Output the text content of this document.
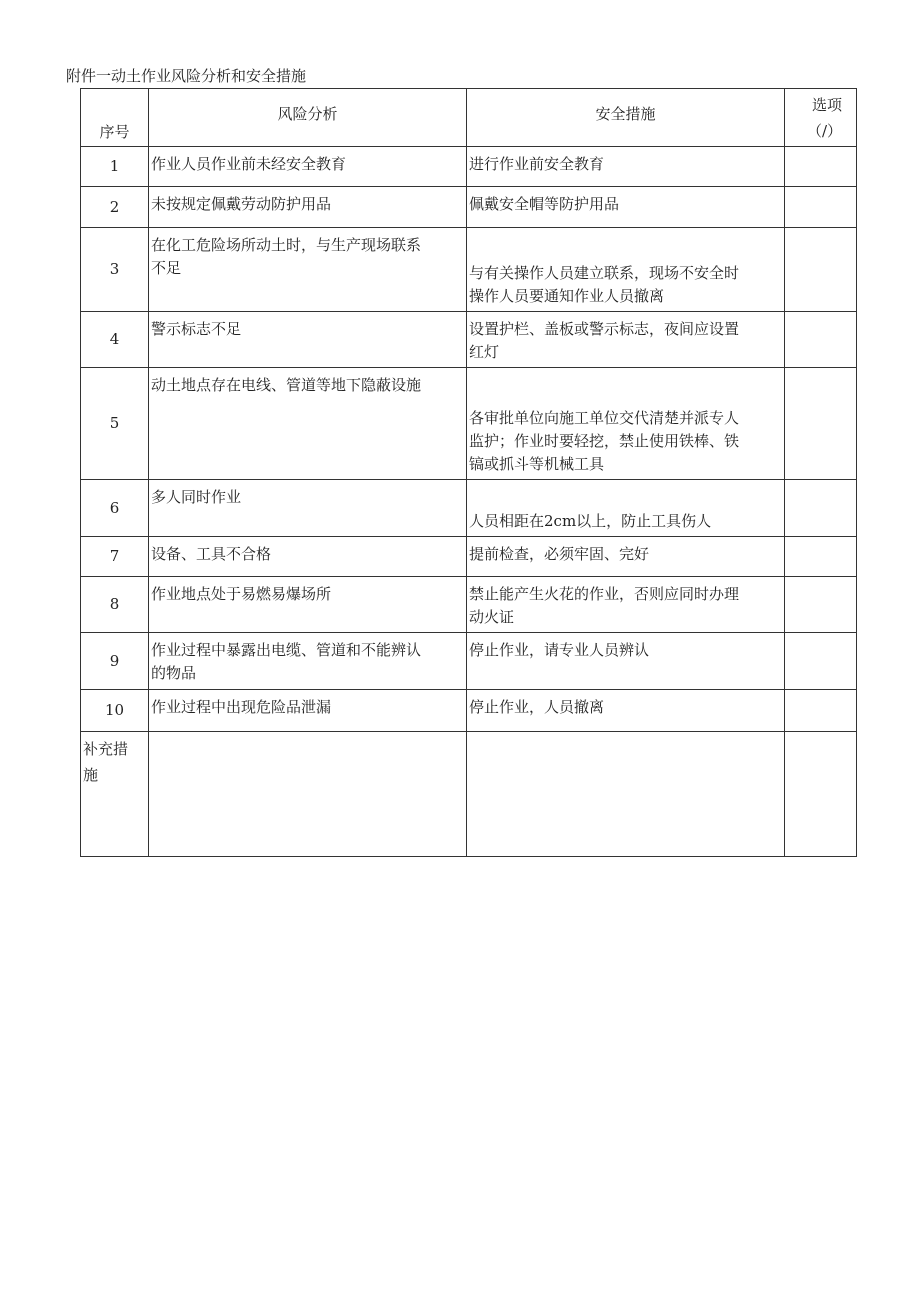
附件一动土作业风险分析和安全措施
序号	风险分析	安全措施	选项
（/）

1	作业人员作业前未经安全教育	进行作业前安全教育	

2	未按规定佩戴劳动防护用品	佩戴安全帽等防护用品	

3	在化工危险场所动土时，与生产现场联系
不足	与有关操作人员建立联系，现场不安全时
操作人员要通知作业人员撤离	

4	警示标志不足	设置护栏、盖板或警示标志，夜间应设置
红灯	

5	动土地点存在电线、管道等地下隐蔽设施	各审批单位向施工单位交代清楚并派专人
监护；作业时要轻挖，禁止使用铁棒、铁
镐或抓斗等机械工具	

6	多人同时作业	人员相距在2cm以上，防止工具伤人	

7	设备、工具不合格	提前检查，必须牢固、完好	

8	作业地点处于易燃易爆场所	禁止能产生火花的作业，否则应同时办理
动火证	

9	作业过程中暴露出电缆、管道和不能辨认
的物品	停止作业，请专业人员辨认	

10	作业过程中出现危险品泄漏	停止作业，人员撤离	

补充措
施			
